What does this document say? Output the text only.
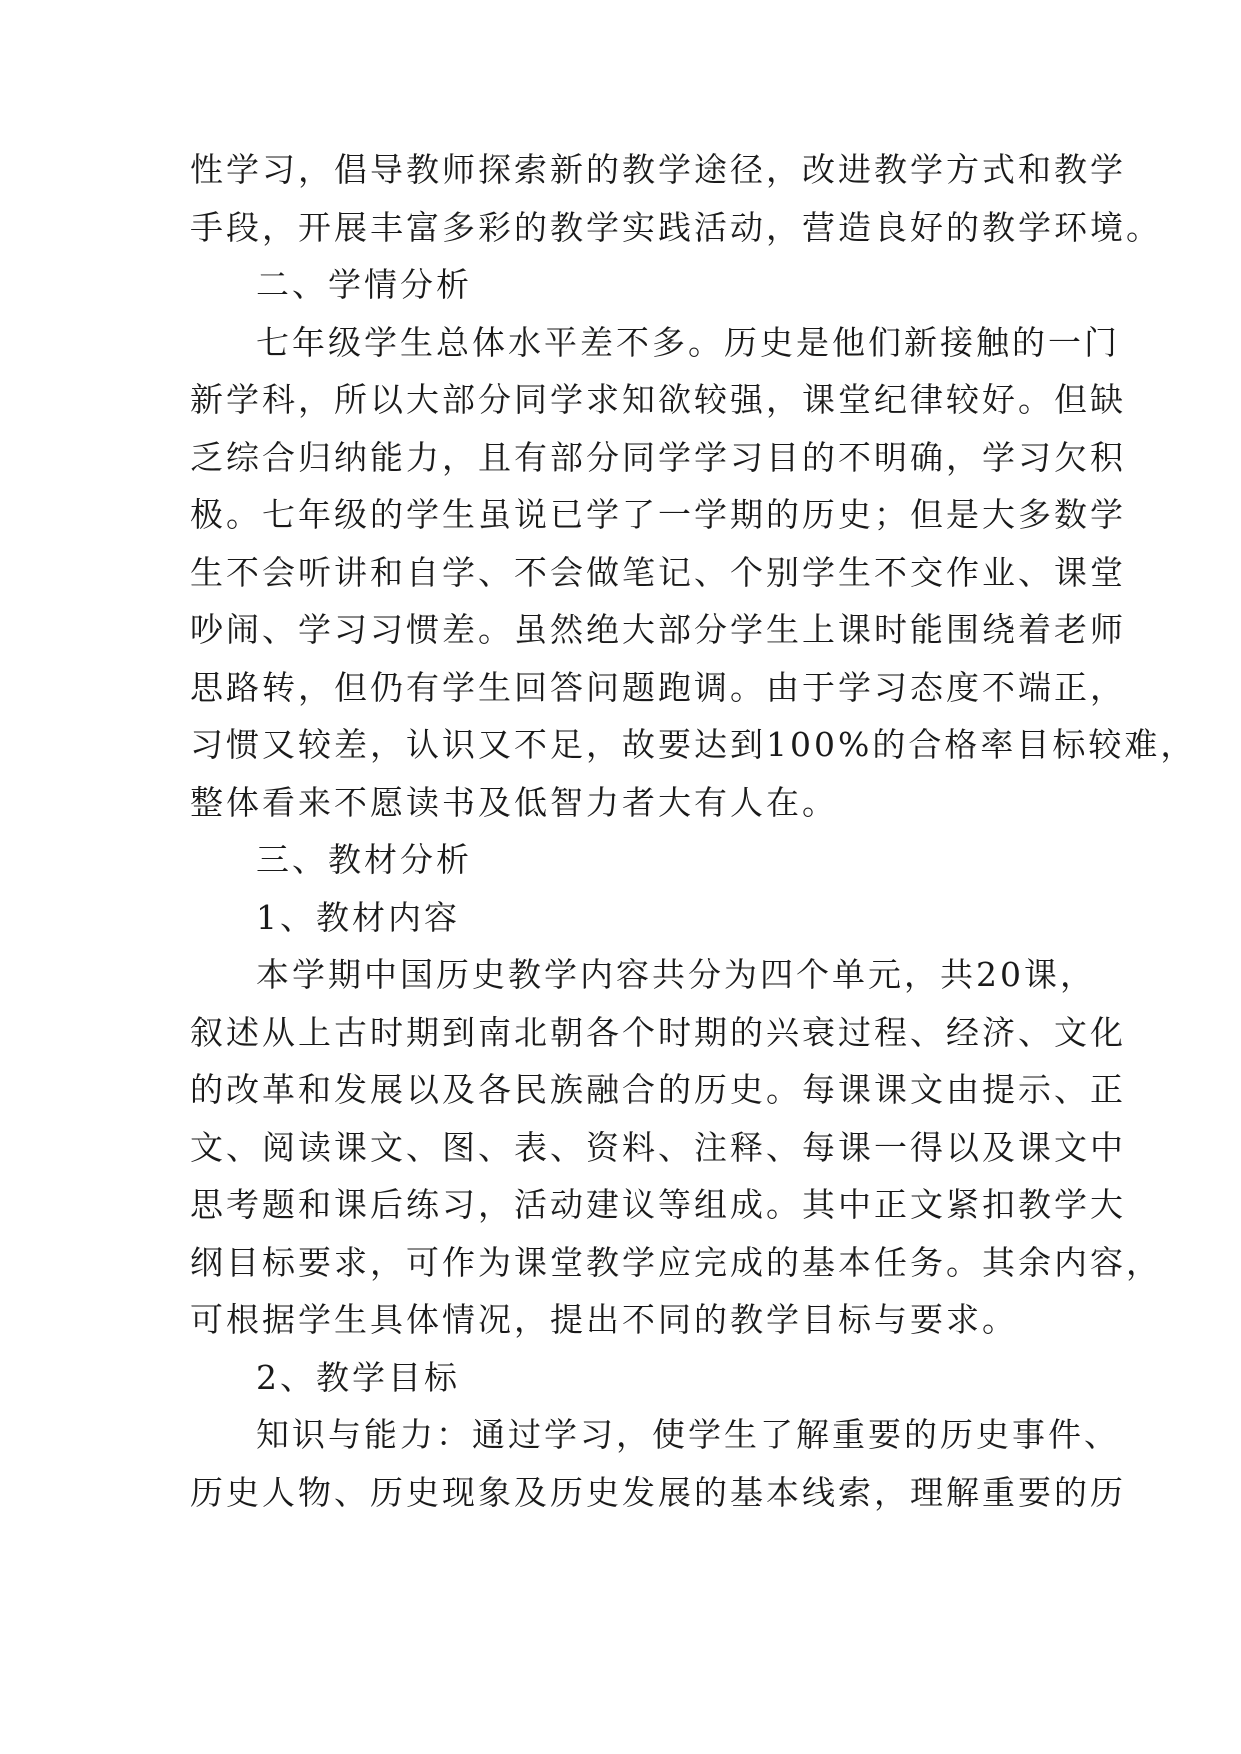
性学习，倡导教师探索新的教学途径，改进教学方式和教学
手段，开展丰富多彩的教学实践活动，营造良好的教学环境。
二、学情分析
七年级学生总体水平差不多。历史是他们新接触的一门
新学科，所以大部分同学求知欲较强，课堂纪律较好。但缺
乏综合归纳能力，且有部分同学学习目的不明确，学习欠积
极。七年级的学生虽说已学了一学期的历史；但是大多数学
生不会听讲和自学、不会做笔记、个别学生不交作业、课堂
吵闹、学习习惯差。虽然绝大部分学生上课时能围绕着老师
思路转，但仍有学生回答问题跑调。由于学习态度不端正，
习惯又较差，认识又不足，故要达到100%的合格率目标较难，
整体看来不愿读书及低智力者大有人在。
三、教材分析
1、教材内容
本学期中国历史教学内容共分为四个单元，共20课，
叙述从上古时期到南北朝各个时期的兴衰过程、经济、文化
的改革和发展以及各民族融合的历史。每课课文由提示、正
文、阅读课文、图、表、资料、注释、每课一得以及课文中
思考题和课后练习，活动建议等组成。其中正文紧扣教学大
纲目标要求，可作为课堂教学应完成的基本任务。其余内容，
可根据学生具体情况，提出不同的教学目标与要求。
2、教学目标
知识与能力：通过学习，使学生了解重要的历史事件、
历史人物、历史现象及历史发展的基本线索，理解重要的历
